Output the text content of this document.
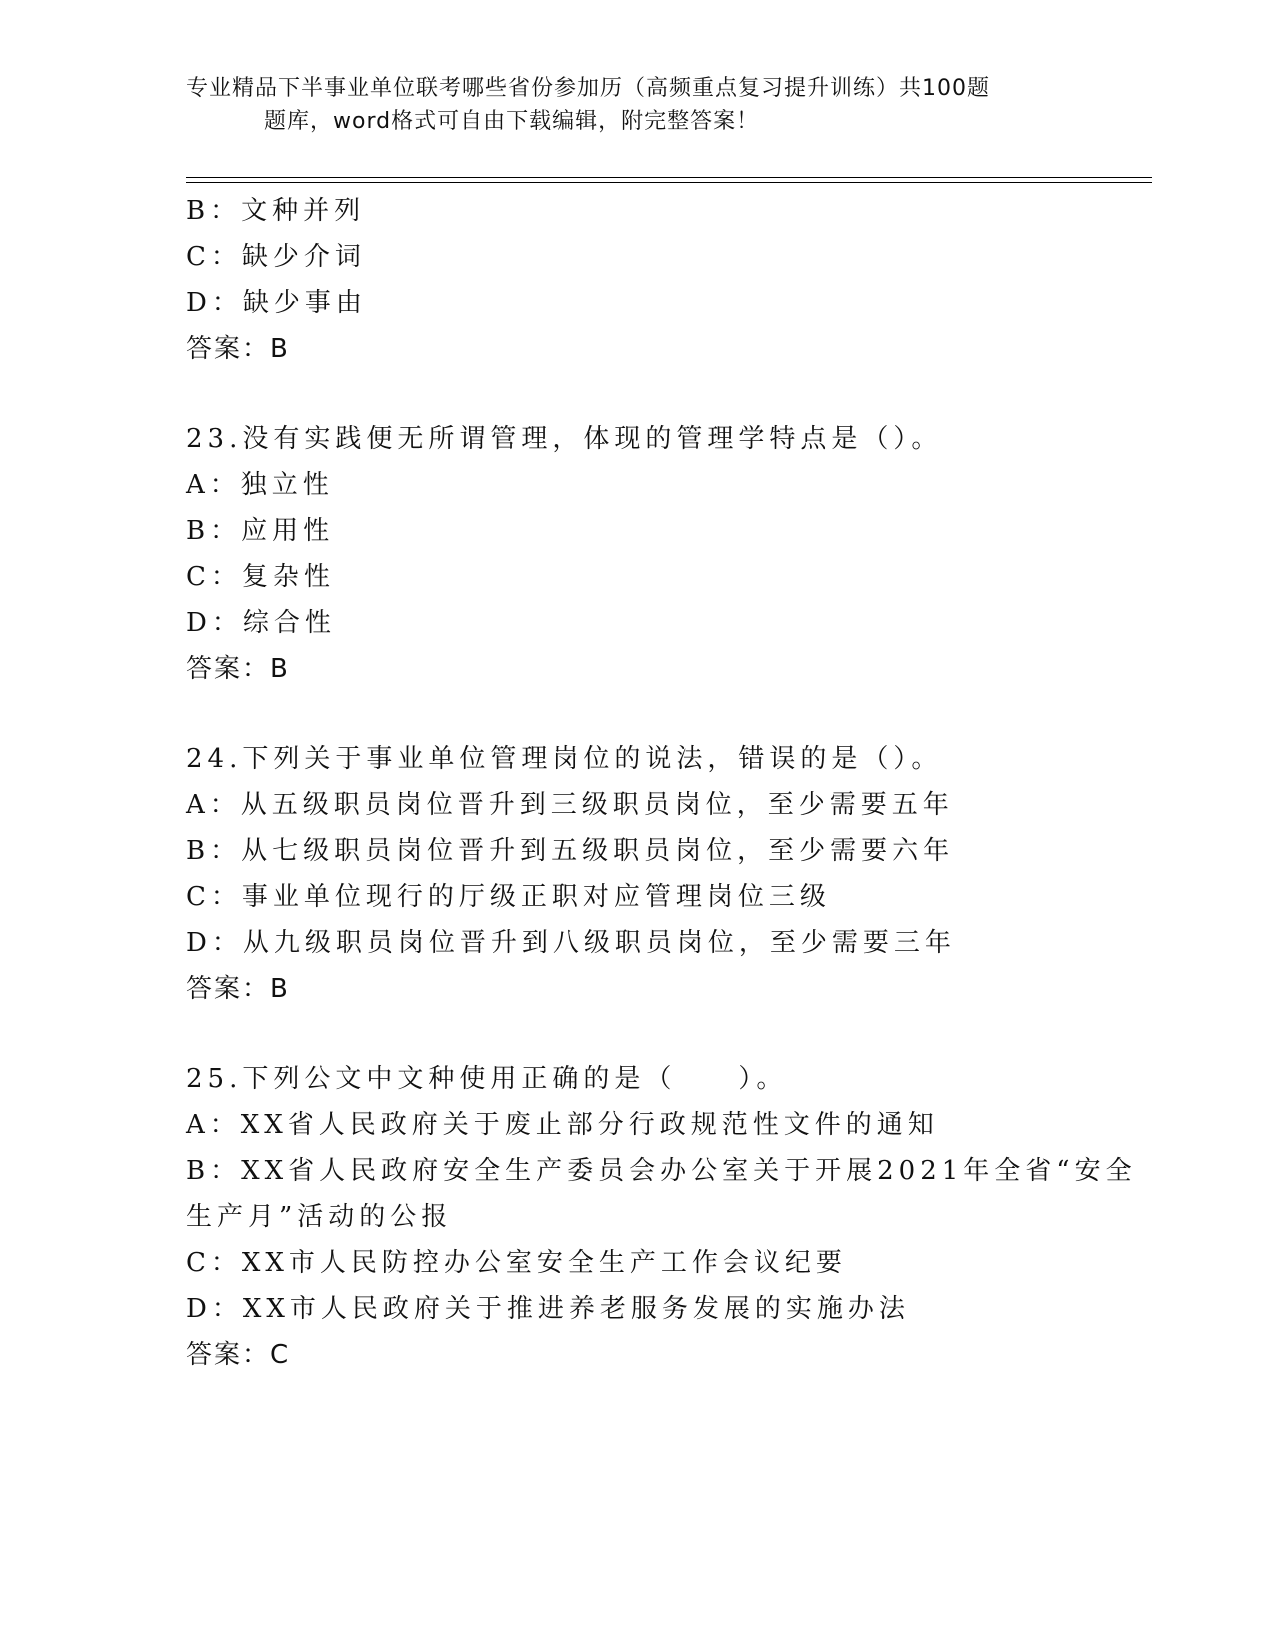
专业精品下半事业单位联考哪些省份参加历（高频重点复习提升训练）共100题
题库，word格式可自由下载编辑，附完整答案！
B：文种并列
C：缺少介词
D：缺少事由
答案：B
23.没有实践便无所谓管理，体现的管理学特点是（）。
A：独立性
B：应用性
C：复杂性
D：综合性
答案：B
24.下列关于事业单位管理岗位的说法，错误的是（）。
A：从五级职员岗位晋升到三级职员岗位，至少需要五年
B：从七级职员岗位晋升到五级职员岗位，至少需要六年
C：事业单位现行的厅级正职对应管理岗位三级
D：从九级职员岗位晋升到八级职员岗位，至少需要三年
答案：B
25.下列公文中文种使用正确的是（　　）。
A：XX省人民政府关于废止部分行政规范性文件的通知
B：XX省人民政府安全生产委员会办公室关于开展2021年全省“安全
生产月”活动的公报
C：XX市人民防控办公室安全生产工作会议纪要
D：XX市人民政府关于推进养老服务发展的实施办法
答案：C
